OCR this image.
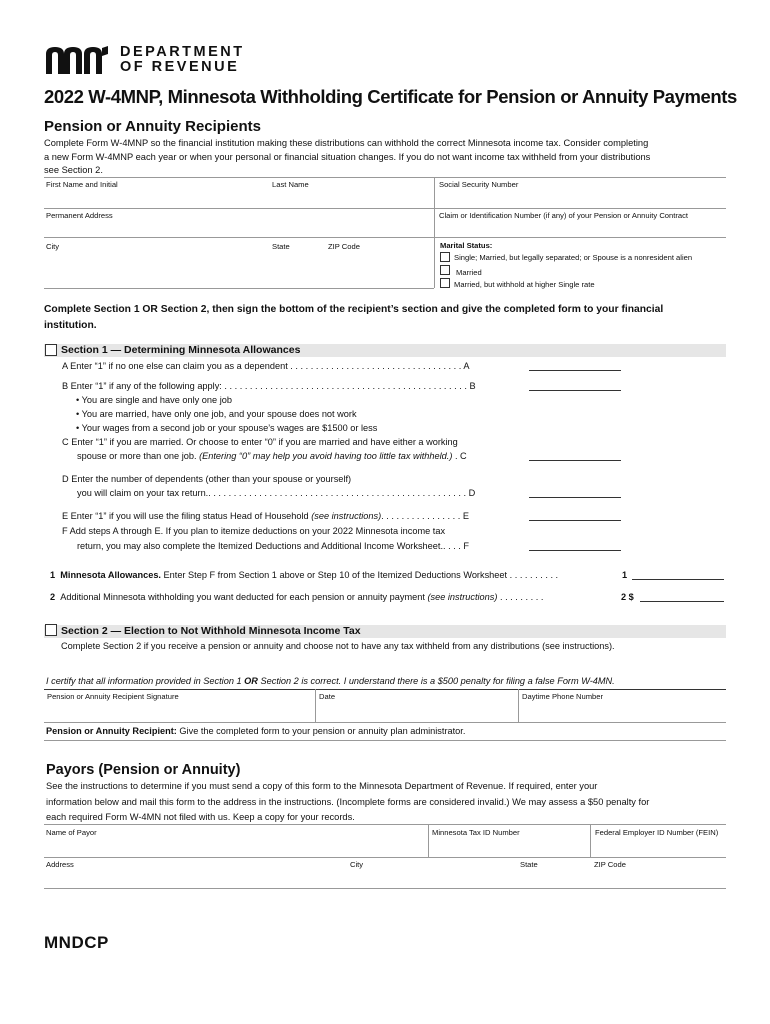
DEPARTMENT
OF REVENUE
2022 W-4MNP, Minnesota Withholding Certificate for Pension or Annuity Payments
Pension or Annuity Recipients
Complete Form W-4MNP so the financial institution making these distributions can withhold the correct Minnesota income tax. Consider completing
a new Form W-4MNP each year or when your personal or financial situation changes. If you do not want income tax withheld from your distributions
see Section 2.
First Name and Initial	Last Name	Social Security Number
Permanent Address	Claim or Identification Number (if any) of your Pension or Annuity Contract
City	State	ZIP Code	Marital Status:
Single; Married, but legally separated; or Spouse is a nonresident alien
Married
Married, but withhold at higher Single rate
Complete Section 1 OR Section 2, then sign the bottom of the recipient’s section and give the completed form to your financial
institution.
Section 1 — Determining Minnesota Allowances
A Enter “1” if no one else can claim you as a dependent . . . . . . . . . . . . . . . . . . . . . . . . . . . . . . . . . . A
B Enter “1” if any of the following apply: . . . . . . . . . . . . . . . . . . . . . . . . . . . . . . . . . . . . . . . . . . . . . . . . B
• You are single and have only one job
• You are married, have only one job, and your spouse does not work
• Your wages from a second job or your spouse’s wages are $1500 or less
C Enter “1” if you are married. Or choose to enter “0” if you are married and have either a working
spouse or more than one job. (Entering “0” may help you avoid having too little tax withheld.) . C
D Enter the number of dependents (other than your spouse or yourself)
you will claim on your tax return.. . . . . . . . . . . . . . . . . . . . . . . . . . . . . . . . . . . . . . . . . . . . . . . . . . . D
E Enter “1” if you will use the filing status Head of Household (see instructions). . . . . . . . . . . . . . . . E
F Add steps A through E. If you plan to itemize deductions on your 2022 Minnesota income tax
return, you may also complete the Itemized Deductions and Additional Income Worksheet.. . . . F
1 Minnesota Allowances. Enter Step F from Section 1 above or Step 10 of the Itemized Deductions Worksheet . . . . . . . . . .	1
2 Additional Minnesota withholding you want deducted for each pension or annuity payment (see instructions) . . . . . . . . .	2 $
Section 2 — Election to Not Withhold Minnesota Income Tax
Complete Section 2 if you receive a pension or annuity and choose not to have any tax withheld from any distributions (see instructions).
I certify that all information provided in Section 1 OR Section 2 is correct. I understand there is a $500 penalty for filing a false Form W-4MN.
Pension or Annuity Recipient Signature	Date	Daytime Phone Number
Pension or Annuity Recipient: Give the completed form to your pension or annuity plan administrator.
Payors (Pension or Annuity)
See the instructions to determine if you must send a copy of this form to the Minnesota Department of Revenue. If required, enter your
information below and mail this form to the address in the instructions. (Incomplete forms are considered invalid.) We may assess a $50 penalty for
each required Form W-4MN not filed with us. Keep a copy for your records.
Name of Payor	Minnesota Tax ID Number	Federal Employer ID Number (FEIN)
Address	City	State	ZIP Code
MNDCP
